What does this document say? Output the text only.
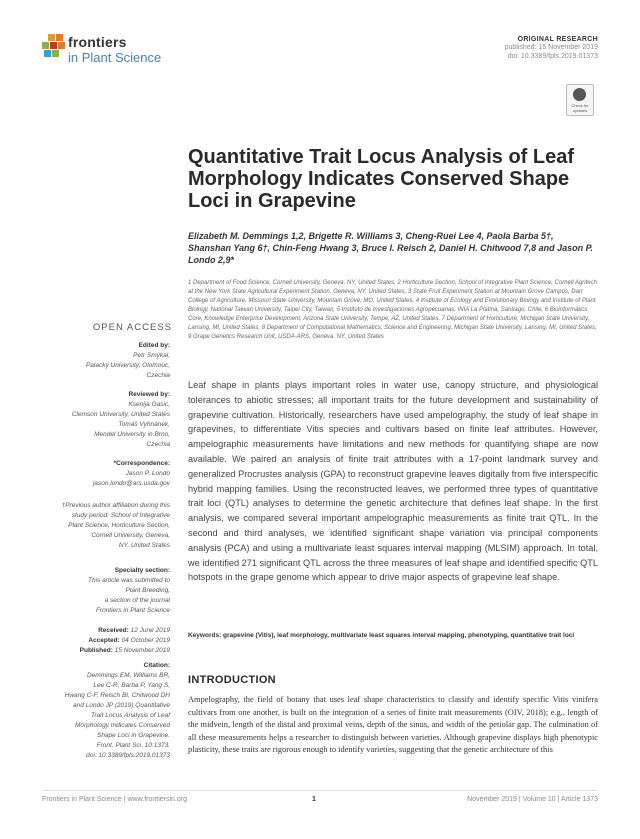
frontiers
in Plant Science
ORIGINAL RESEARCH
published: 15 November 2019
doi: 10.3389/fpls.2019.01373
Check for updates
Quantitative Trait Locus Analysis of Leaf Morphology Indicates Conserved Shape Loci in Grapevine
Elizabeth M. Demmings 1,2, Brigette R. Williams 3, Cheng-Ruei Lee 4, Paola Barba 5†, Shanshan Yang 6†, Chin-Feng Hwang 3, Bruce I. Reisch 2, Daniel H. Chitwood 7,8 and Jason P. Londo 2,9*
1 Department of Food Science, Cornell University, Geneva, NY, United States, 2 Horticulture Section, School of Integrative Plant Science, Cornell Agritech at the New York State Agricultural Experiment Station, Geneva, NY, United States, 3 State Fruit Experiment Station at Mountain Grove Campus, Darr College of Agriculture, Missouri State University, Mountain Grove, MO, United States, 4 Institute of Ecology and Evolutionary Biology and Institute of Plant Biology, National Taiwan University, Taipei City, Taiwan, 5 Instituto de Investigaciones Agropecuarias, INIA La Platina, Santiago, Chile, 6 Bioinformatics Core, Knowledge Enterprise Development, Arizona State University, Tempe, AZ, United States, 7 Department of Horticulture, Michigan State University, Lansing, MI, United States, 8 Department of Computational Mathematics, Science and Engineering, Michigan State University, Lansing, MI, United States, 9 Grape Genetics Research Unit, USDA-ARS, Geneva, NY, United States
OPEN ACCESS
Edited by:
Petr Smýkal,
Palacký University, Olomouc,
Czechia
Reviewed by:
Ksenija Gasic,
Clemson University, United States
Tomáš Vyhnánek,
Mendel University in Brno,
Czechia
*Correspondence:
Jason P. Londo
jason.londo@ars.usda.gov
†Previous author affiliation during this
study period: School of Integrative
Plant Science, Horticulture Section,
Cornell University, Geneva,
NY, United States
Specialty section:
This article was submitted to
Plant Breeding,
a section of the journal
Frontiers in Plant Science
Received: 12 June 2019
Accepted: 04 October 2019
Published: 15 November 2019
Citation:
Demmings EM, Williams BR,
Lee C-R, Barba P, Yang S,
Hwang C-F, Reisch BI, Chitwood DH
and Londo JP (2019) Quantitative
Trait Locus Analysis of Leaf
Morphology Indicates Conserved
Shape Loci in Grapevine.
Front. Plant Sci. 10:1373.
doi: 10.3389/fpls.2019.01373
Leaf shape in plants plays important roles in water use, canopy structure, and physiological tolerances to abiotic stresses; all important traits for the future development and sustainability of grapevine cultivation. Historically, researchers have used ampelography, the study of leaf shape in grapevines, to differentiate Vitis species and cultivars based on finite leaf attributes. However, ampelographic measurements have limitations and new methods for quantifying shape are now available. We paired an analysis of finite trait attributes with a 17-point landmark survey and generalized Procrustes analysis (GPA) to reconstruct grapevine leaves digitally from five interspecific hybrid mapping families. Using the reconstructed leaves, we performed three types of quantitative trait loci (QTL) analyses to determine the genetic architecture that defines leaf shape. In the first analysis, we compared several important ampelographic measurements as finite trait QTL. In the second and third analyses, we identified significant shape variation via principal components analysis (PCA) and using a multivariate least squares interval mapping (MLSIM) approach. In total, we identified 271 significant QTL across the three measures of leaf shape and identified specific QTL hotspots in the grape genome which appear to drive major aspects of grapevine leaf shape.
Keywords: grapevine (Vitis), leaf morphology, multivariate least squares interval mapping, phenotyping, quantitative trait loci
INTRODUCTION
Ampelography, the field of botany that uses leaf shape characteristics to classify and identify specific Vitis vinifera cultivars from one another, is built on the integration of a series of finite trait measurements (OIV, 2018); e.g., length of the midvein, length of the distal and proximal veins, depth of the sinus, and width of the petiolar gap. The culmination of all these measurements helps a researcher to distinguish between varieties. Although grapevine displays high phenotypic plasticity, these traits are rigorous enough to identify varieties, suggesting that the genetic architecture of this
Frontiers in Plant Science | www.frontiersin.org	1	November 2019 | Volume 10 | Article 1373
